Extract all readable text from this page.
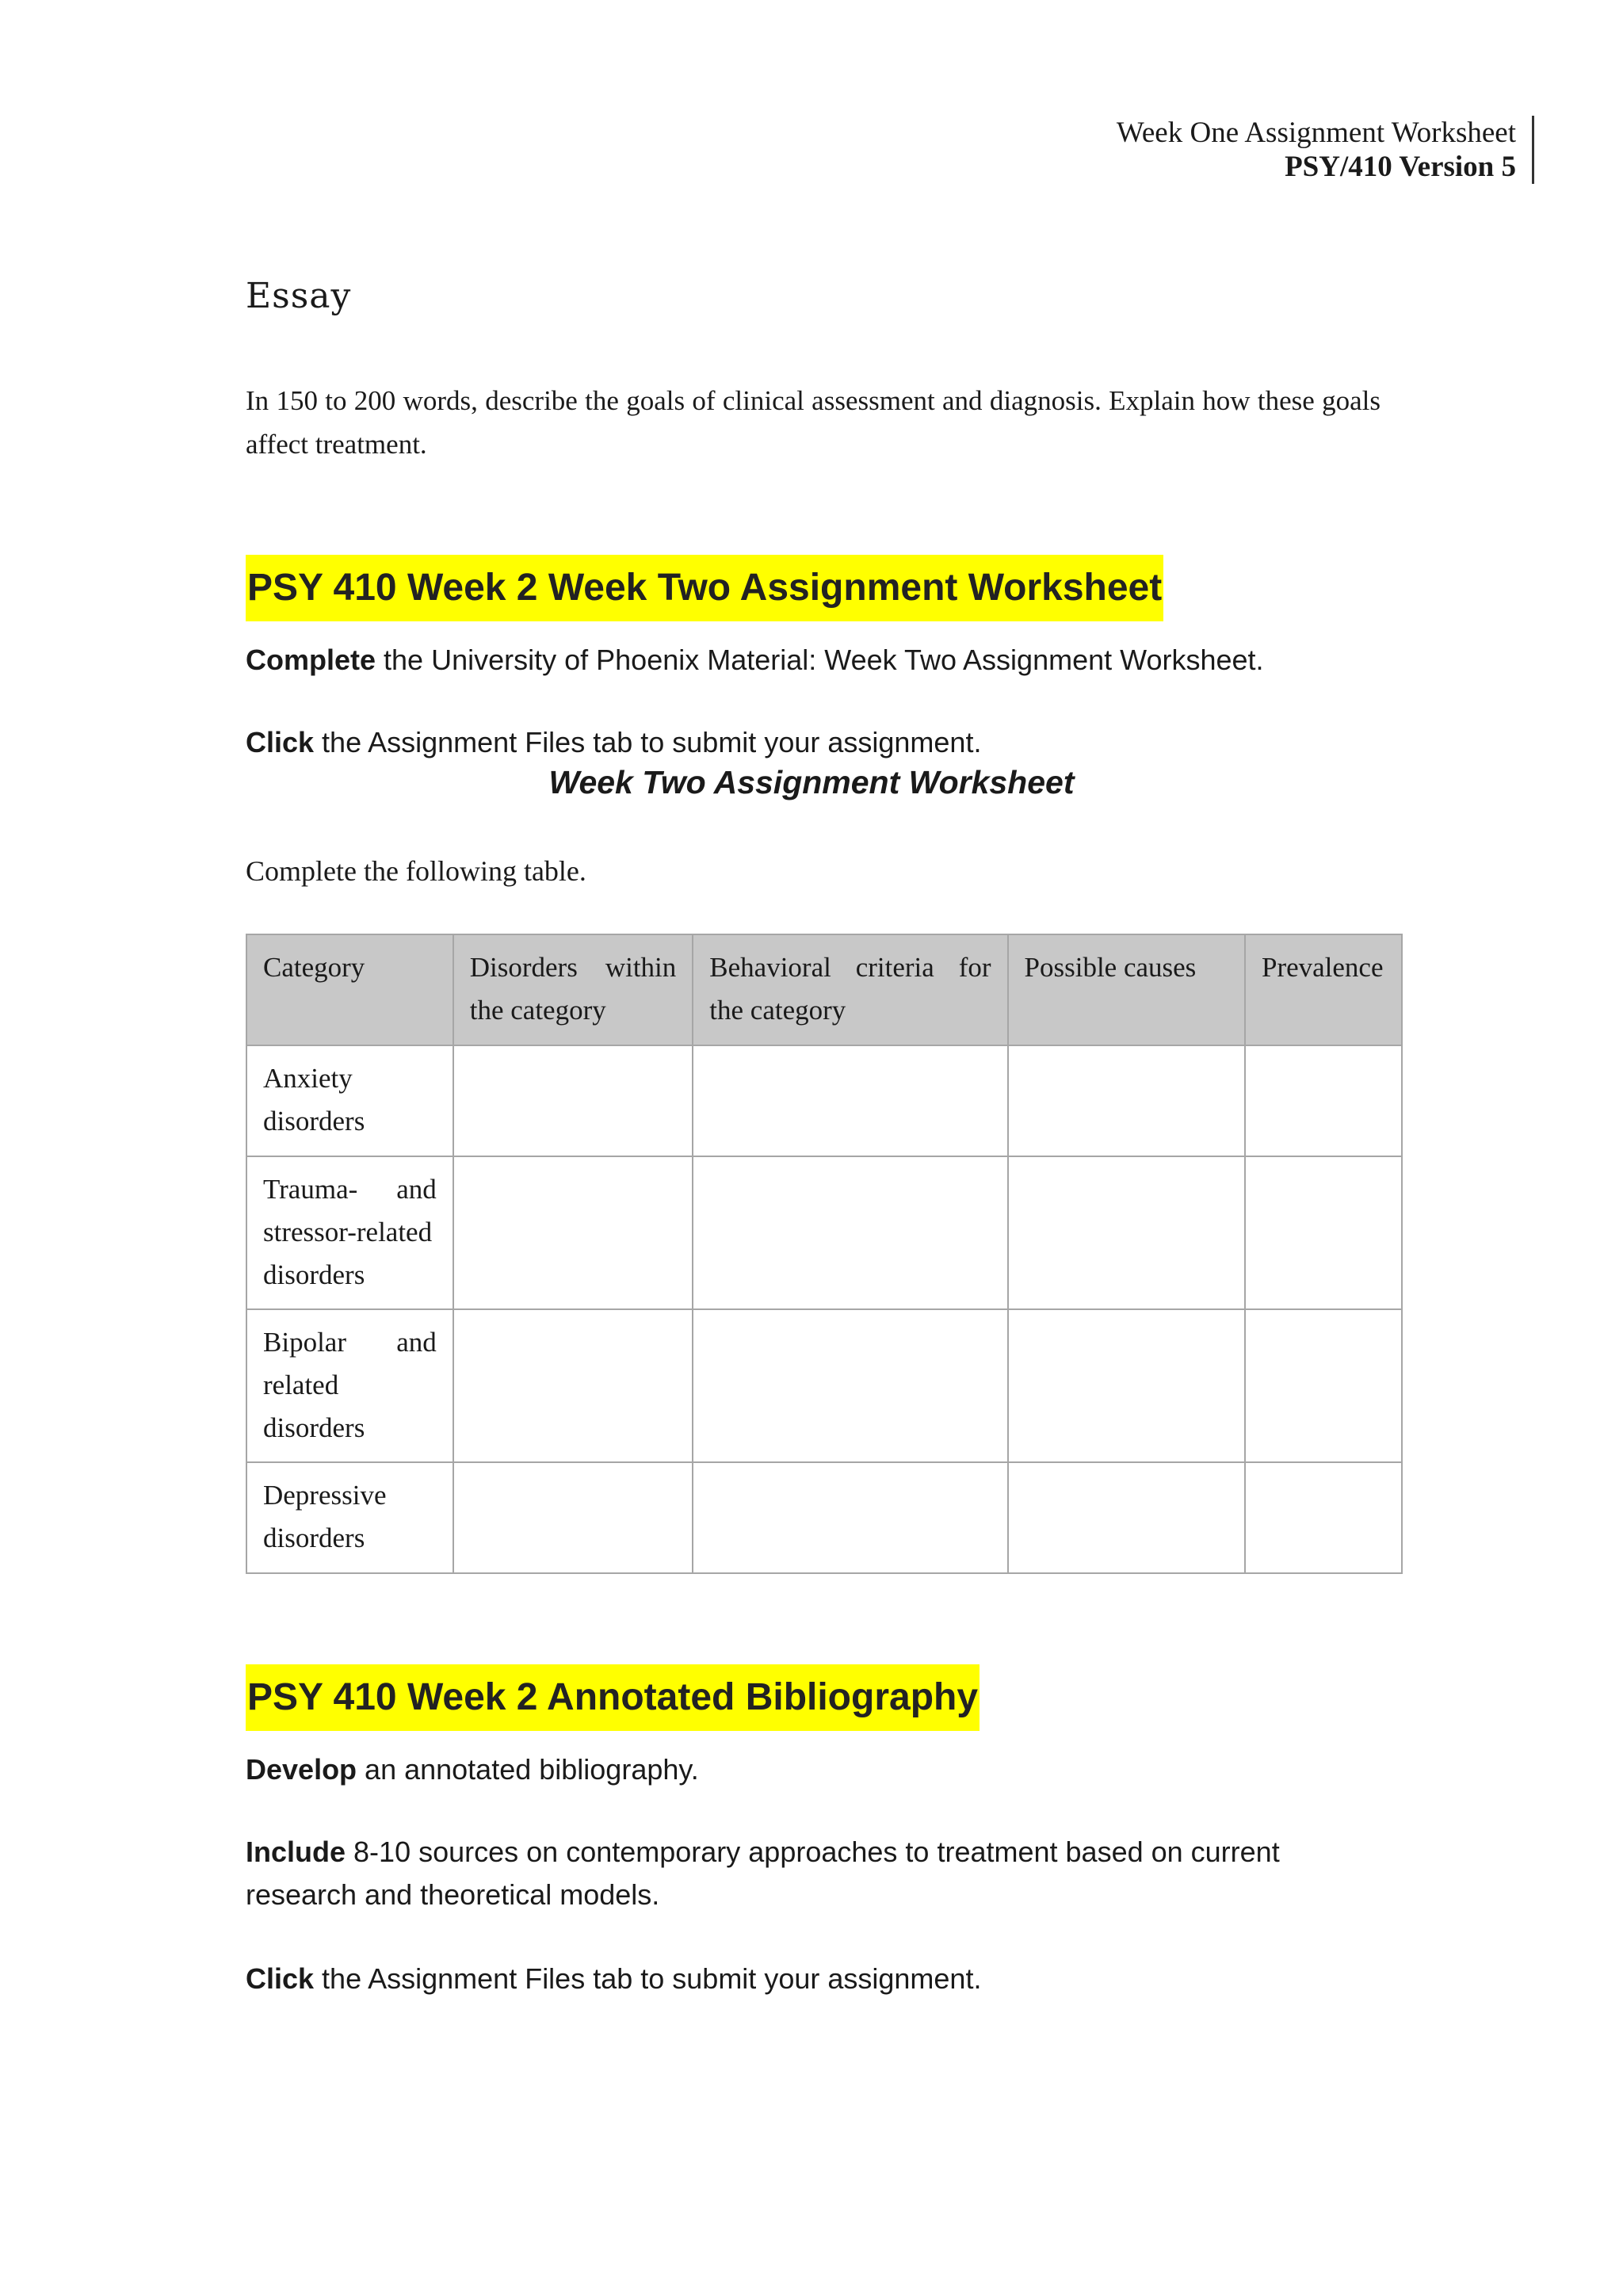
Week One Assignment Worksheet
PSY/410 Version 5
Essay
In 150 to 200 words, describe the goals of clinical assessment and diagnosis. Explain how these goals affect treatment.
PSY 410 Week 2 Week Two Assignment Worksheet
Complete the University of Phoenix Material: Week Two Assignment Worksheet.
Click the Assignment Files tab to submit your assignment.
Week Two Assignment Worksheet
Complete the following table.
Category	Disorders within the category	Behavioral criteria for the category	Possible causes	Prevalence
Anxiety disorders				
Trauma- and stressor-related disorders				
Bipolar and related disorders				
Depressive disorders				
PSY 410 Week 2 Annotated Bibliography
Develop an annotated bibliography.
Include 8-10 sources on contemporary approaches to treatment based on current research and theoretical models.
Click the Assignment Files tab to submit your assignment.
